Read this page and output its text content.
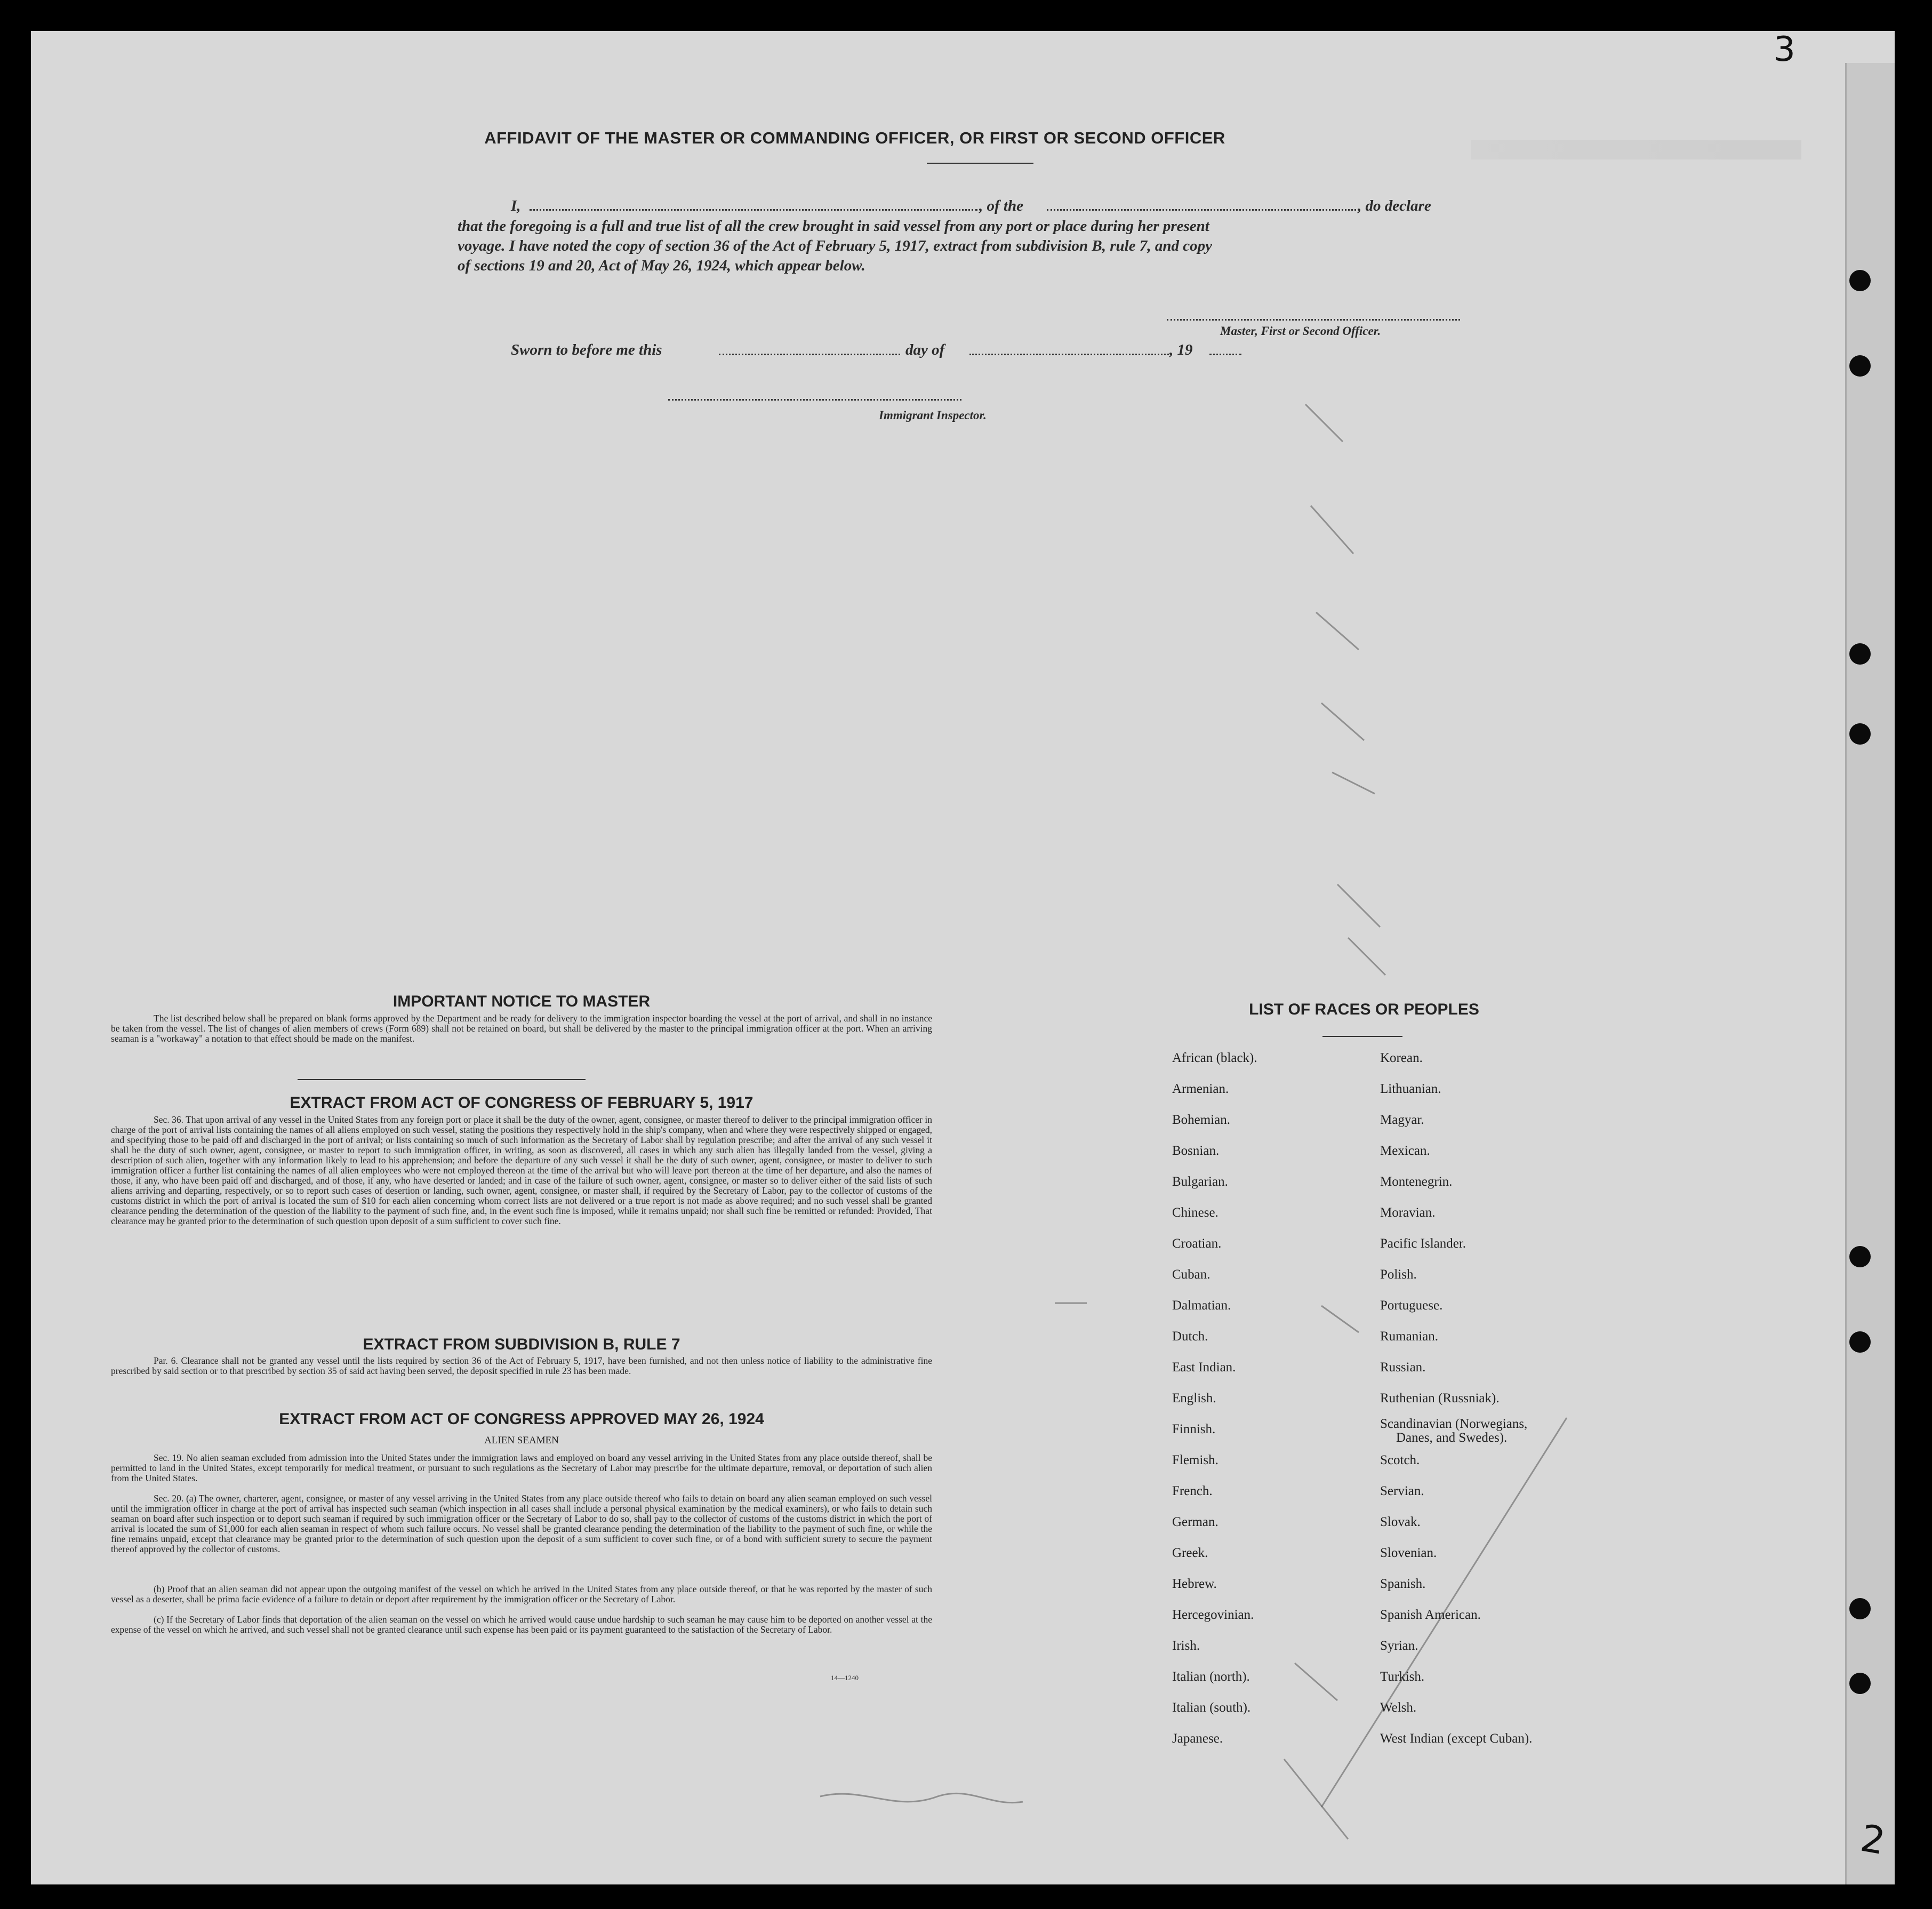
3
2
AFFIDAVIT OF THE MASTER OR COMMANDING OFFICER, OR FIRST OR SECOND OFFICER
I,	, of the	, do declare
that the foregoing is a full and true list of all the crew brought in said vessel from any port or place during her present
voyage. I have noted the copy of section 36 of the Act of February 5, 1917, extract from subdivision B, rule 7, and copy
of sections 19 and 20, Act of May 26, 1924, which appear below.
Master, First or Second Officer.
Sworn to before me this	day of	, 19
Immigrant Inspector.
IMPORTANT NOTICE TO MASTER
The list described below shall be prepared on blank forms approved by the Department and be ready for delivery to the immigration inspector boarding the vessel at the port of arrival, and shall in no instance be taken from the vessel. The list of changes of alien members of crews (Form 689) shall not be retained on board, but shall be delivered by the master to the principal immigration officer at the port. When an arriving seaman is a "workaway" a notation to that effect should be made on the manifest.
EXTRACT FROM ACT OF CONGRESS OF FEBRUARY 5, 1917
Sec. 36. That upon arrival of any vessel in the United States from any foreign port or place it shall be the duty of the owner, agent, consignee, or master thereof to deliver to the principal immigration officer in charge of the port of arrival lists containing the names of all aliens employed on such vessel, stating the positions they respectively hold in the ship's company, when and where they were respectively shipped or engaged, and specifying those to be paid off and discharged in the port of arrival; or lists containing so much of such information as the Secretary of Labor shall by regulation prescribe; and after the arrival of any such vessel it shall be the duty of such owner, agent, consignee, or master to report to such immigration officer, in writing, as soon as discovered, all cases in which any such alien has illegally landed from the vessel, giving a description of such alien, together with any information likely to lead to his apprehension; and before the departure of any such vessel it shall be the duty of such owner, agent, consignee, or master to deliver to such immigration officer a further list containing the names of all alien employees who were not employed thereon at the time of the arrival but who will leave port thereon at the time of her departure, and also the names of those, if any, who have been paid off and discharged, and of those, if any, who have deserted or landed; and in case of the failure of such owner, agent, consignee, or master so to deliver either of the said lists of such aliens arriving and departing, respectively, or so to report such cases of desertion or landing, such owner, agent, consignee, or master shall, if required by the Secretary of Labor, pay to the collector of customs of the customs district in which the port of arrival is located the sum of $10 for each alien concerning whom correct lists are not delivered or a true report is not made as above required; and no such vessel shall be granted clearance pending the determination of the question of the liability to the payment of such fine, and, in the event such fine is imposed, while it remains unpaid; nor shall such fine be remitted or refunded: Provided, That clearance may be granted prior to the determination of such question upon deposit of a sum sufficient to cover such fine.
EXTRACT FROM SUBDIVISION B, RULE 7
Par. 6. Clearance shall not be granted any vessel until the lists required by section 36 of the Act of February 5, 1917, have been furnished, and not then unless notice of liability to the administrative fine prescribed by said section or to that prescribed by section 35 of said act having been served, the deposit specified in rule 23 has been made.
EXTRACT FROM ACT OF CONGRESS APPROVED MAY 26, 1924
ALIEN SEAMEN
Sec. 19. No alien seaman excluded from admission into the United States under the immigration laws and employed on board any vessel arriving in the United States from any place outside thereof, shall be permitted to land in the United States, except temporarily for medical treatment, or pursuant to such regulations as the Secretary of Labor may prescribe for the ultimate departure, removal, or deportation of such alien from the United States.
Sec. 20. (a) The owner, charterer, agent, consignee, or master of any vessel arriving in the United States from any place outside thereof who fails to detain on board any alien seaman employed on such vessel until the immigration officer in charge at the port of arrival has inspected such seaman (which inspection in all cases shall include a personal physical examination by the medical examiners), or who fails to detain such seaman on board after such inspection or to deport such seaman if required by such immigration officer or the Secretary of Labor to do so, shall pay to the collector of customs of the customs district in which the port of arrival is located the sum of $1,000 for each alien seaman in respect of whom such failure occurs. No vessel shall be granted clearance pending the determination of the liability to the payment of such fine, or while the fine remains unpaid, except that clearance may be granted prior to the determination of such question upon the deposit of a sum sufficient to cover such fine, or of a bond with sufficient surety to secure the payment thereof approved by the collector of customs.
(b) Proof that an alien seaman did not appear upon the outgoing manifest of the vessel on which he arrived in the United States from any place outside thereof, or that he was reported by the master of such vessel as a deserter, shall be prima facie evidence of a failure to detain or deport after requirement by the immigration officer or the Secretary of Labor.
(c) If the Secretary of Labor finds that deportation of the alien seaman on the vessel on which he arrived would cause undue hardship to such seaman he may cause him to be deported on another vessel at the expense of the vessel on which he arrived, and such vessel shall not be granted clearance until such expense has been paid or its payment guaranteed to the satisfaction of the Secretary of Labor.
14—1240
LIST OF RACES OR PEOPLES
African (black).
Armenian.
Bohemian.
Bosnian.
Bulgarian.
Chinese.
Croatian.
Cuban.
Dalmatian.
Dutch.
East Indian.
English.
Finnish.
Flemish.
French.
German.
Greek.
Hebrew.
Hercegovinian.
Irish.
Italian (north).
Italian (south).
Japanese.
Korean.
Lithuanian.
Magyar.
Mexican.
Montenegrin.
Moravian.
Pacific Islander.
Polish.
Portuguese.
Rumanian.
Russian.
Ruthenian (Russniak).
Scandinavian (Norwegians,
Danes, and Swedes).
Scotch.
Servian.
Slovak.
Slovenian.
Spanish.
Spanish American.
Syrian.
Turkish.
Welsh.
West Indian (except Cuban).
